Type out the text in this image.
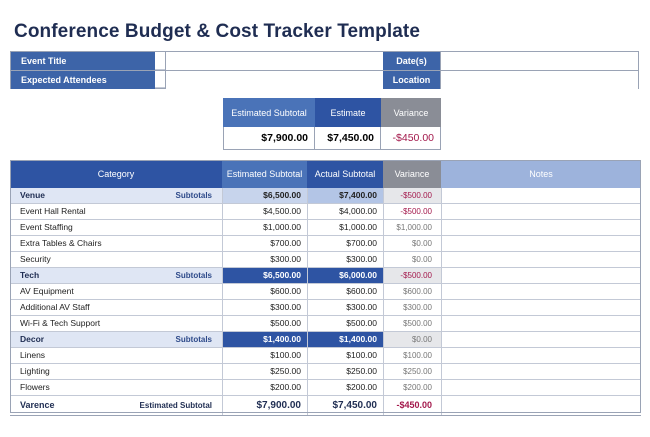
Conference Budget & Cost Tracker Template
Event Title	Date(s)
Expected Attendees	Location
Estimated Subtotal	Estimate	Variance
$7,900.00	$7,450.00	-$450.00
Category	Estimated Subtotal	Actual Subtotal	Variance	Notes
Venue	Subtotals	$6,500.00	$7,400.00	-$500.00
Event Hall Rental	$4,500.00	$4,000.00	-$500.00
Event Staffing	$1,000.00	$1,000.00	$1,000.00
Extra Tables & Chairs	$700.00	$700.00	$0.00
Security	$300.00	$300.00	$0.00
Tech	Subtotals	$6,500.00	$6,000.00	-$500.00
AV Equipment	$600.00	$600.00	$600.00
Additional AV Staff	$300.00	$300.00	$300.00
Wi-Fi & Tech Support	$500.00	$500.00	$500.00
Decor	Subtotals	$1,400.00	$1,400.00	$0.00
Linens	$100.00	$100.00	$100.00
Lighting	$250.00	$250.00	$250.00
Flowers	$200.00	$200.00	$200.00
Varence	Estimated Subtotal	$7,900.00	$7,450.00	-$450.00
